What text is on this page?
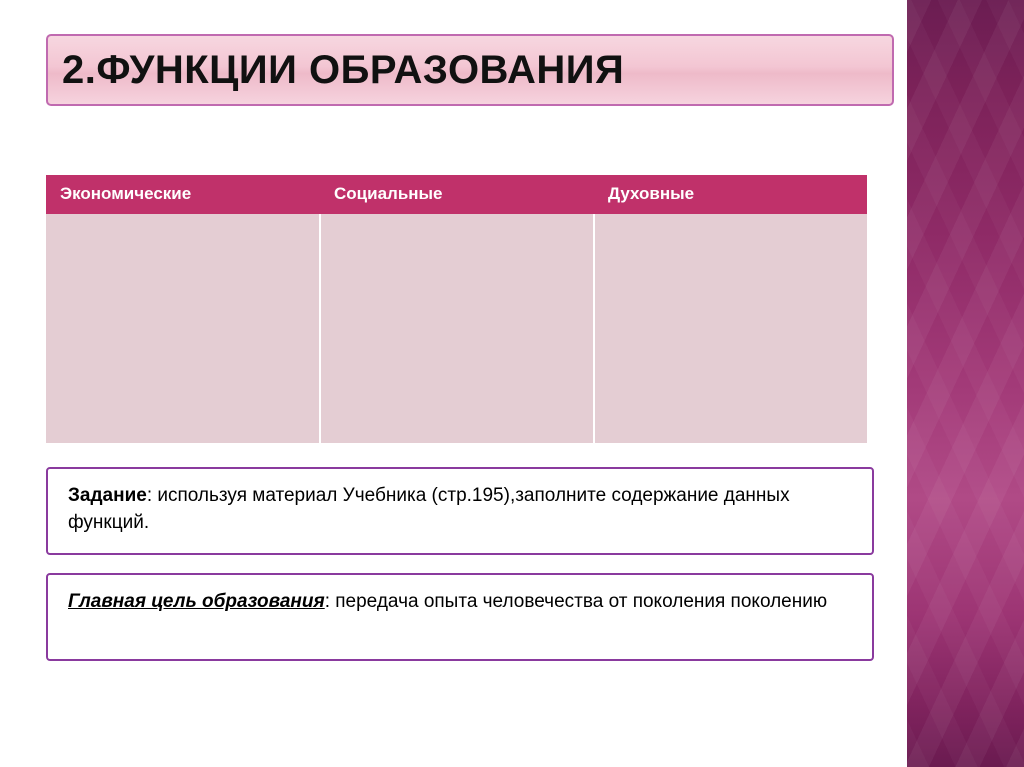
2.ФУНКЦИИ ОБРАЗОВАНИЯ
Экономические	Социальные	Духовные

Задание: используя материал Учебника (стр.195),заполните содержание данных функций.
Главная цель образования: передача опыта человечества от поколения поколению
